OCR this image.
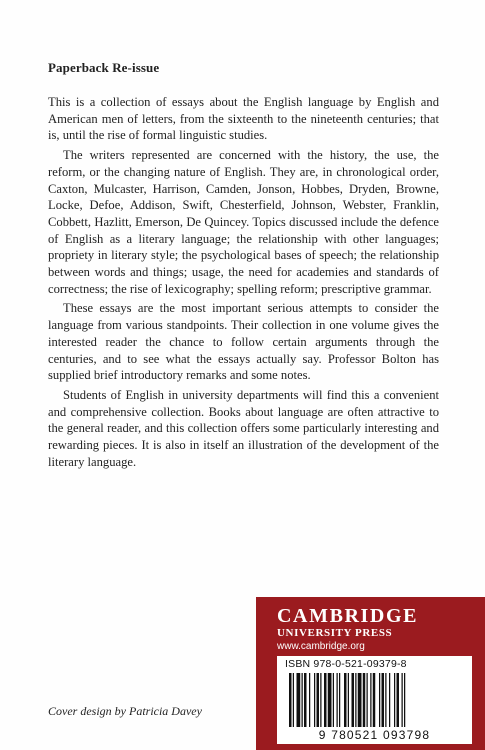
Paperback Re-issue

This is a collection of essays about the English language by English and American men of letters, from the sixteenth to the nineteenth centuries; that is, until the rise of formal linguistic studies.

The writers represented are concerned with the history, the use, the reform, or the changing nature of English. They are, in chronological order, Caxton, Mulcaster, Harrison, Camden, Jonson, Hobbes, Dryden, Browne, Locke, Defoe, Addison, Swift, Chesterfield, Johnson, Webster, Franklin, Cobbett, Hazlitt, Emerson, De Quincey. Topics discussed include the defence of English as a literary language; the relationship with other languages; propriety in literary style; the psychological bases of speech; the relationship between words and things; usage, the need for academies and standards of correctness; the rise of lexicography; spelling reform; prescriptive grammar.

These essays are the most important serious attempts to consider the language from various standpoints. Their collection in one volume gives the interested reader the chance to follow certain arguments through the centuries, and to see what the essays actually say. Professor Bolton has supplied brief introductory remarks and some notes.

Students of English in university departments will find this a convenient and comprehensive collection. Books about language are often attractive to the general reader, and this collection offers some particularly interesting and rewarding pieces. It is also in itself an illustration of the development of the literary language.

Cover design by Patricia Davey
CAMBRIDGE
UNIVERSITY PRESS
www.cambridge.org
ISBN 978-0-521-09379-8
9 780521 093798
